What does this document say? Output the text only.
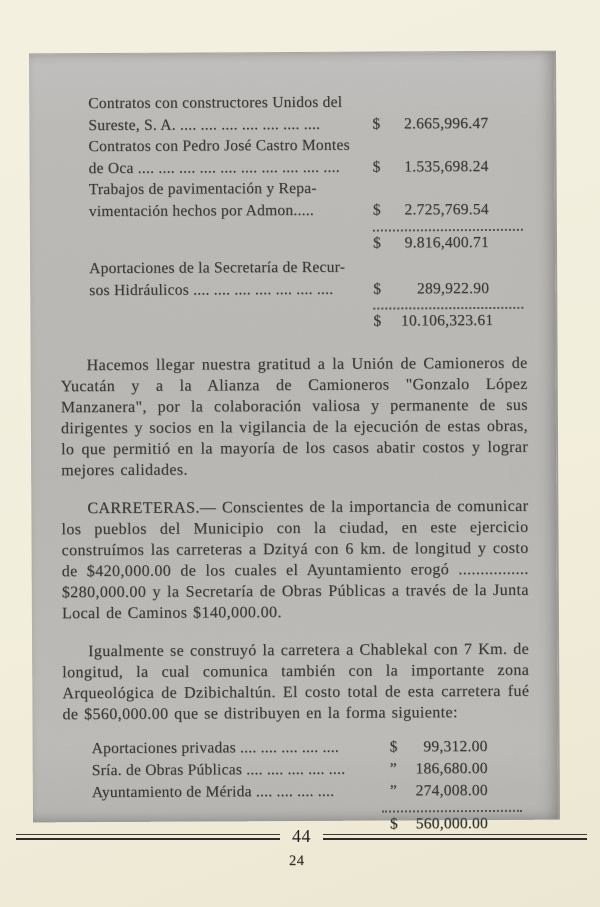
Contratos con constructores Unidos del
Sureste, S. A. .... .... .... .... .... .... ....	$ 2.665,996.47
Contratos con Pedro José Castro Montes
de Oca .... .... .... .... .... .... .... .... .... ....	$ 1.535,698.24
Trabajos de pavimentación y Repa-
vimentación hechos por Admon.....	$ 2.725,769.54
$ 9.816,400.71
Aportaciones de la Secretaría de Recur-
sos Hidráulicos .... .... .... .... .... .... ....	$ 289,922.90
$ 10.106,323.61

Hacemos llegar nuestra gratitud a la Unión de Camioneros de Yucatán y a la Alianza de Camioneros "Gonzalo López Manzanera", por la colaboración valiosa y permanente de sus dirigentes y socios en la vigilancia de la ejecución de estas obras, lo que permitió en la mayoría de los casos abatir costos y lograr mejores calidades.

CARRETERAS.— Conscientes de la importancia de comunicar los pueblos del Municipio con la ciudad, en este ejercicio construímos las carreteras a Dzityá con 6 km. de longitud y costo de $420,000.00 de los cuales el Ayuntamiento erogó ................ $280,000.00 y la Secretaría de Obras Públicas a través de la Junta Local de Caminos $140,000.00.

Igualmente se construyó la carretera a Chablekal con 7 Km. de longitud, la cual comunica también con la importante zona Arqueológica de Dzibichaltún. El costo total de esta carretera fué de $560,000.00 que se distribuyen en la forma siguiente:

Aportaciones privadas .... .... .... .... ....	$ 99,312.00
Sría. de Obras Públicas .... .... .... .... ....	” 186,680.00
Ayuntamiento de Mérida .... .... .... ....	” 274,008.00
$ 560,000.00
24
44
